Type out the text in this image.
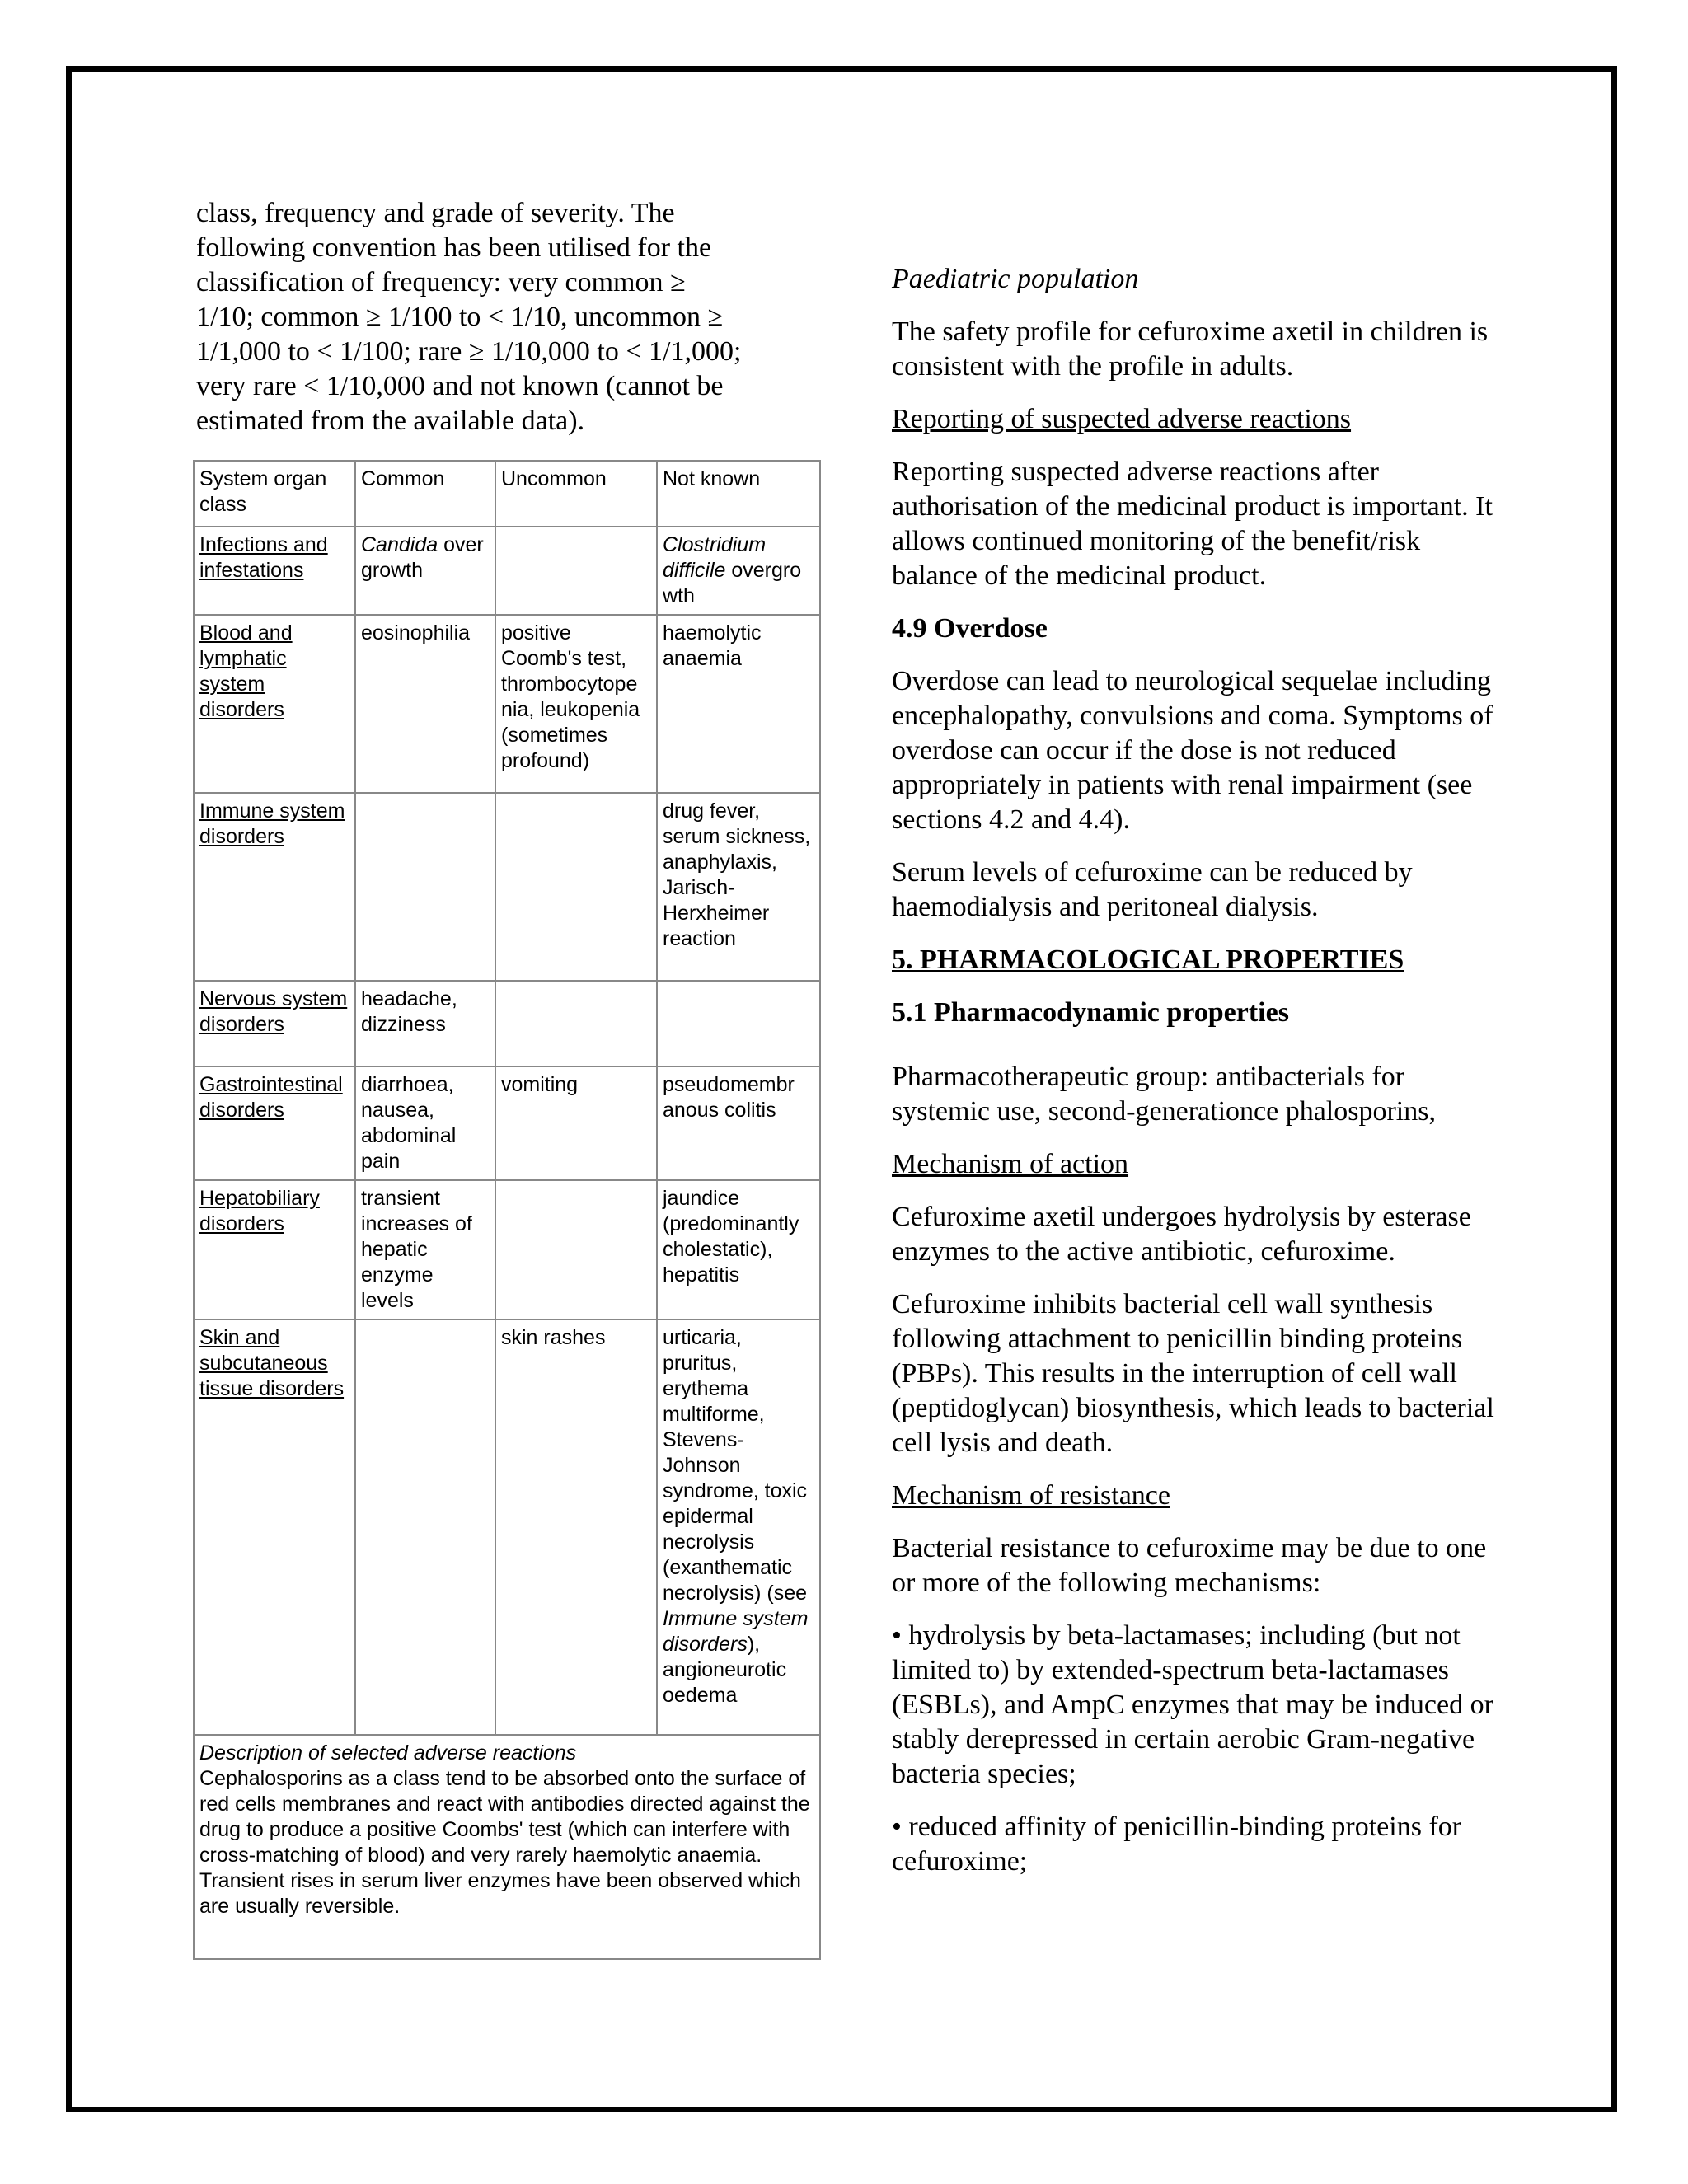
class, frequency and grade of severity. The
following convention has been utilised for the
classification of frequency: very common ≥
1/10; common ≥ 1/100 to < 1/10, uncommon ≥
1/1,000 to < 1/100; rare ≥ 1/10,000 to < 1/1,000;
very rare < 1/10,000 and not known (cannot be
estimated from the available data).

System organ class	Common	Uncommon	Not known
Infections and infestations	Candida over growth		Clostridium difficile overgro wth
Blood and lymphatic system disorders	eosinophilia	positive Coomb's test, thrombocytope nia, leukopenia (sometimes profound)	haemolytic anaemia
Immune system disorders			drug fever, serum sickness, anaphylaxis, Jarisch-Herxheimer reaction
Nervous system disorders	headache, dizziness		
Gastrointestinal disorders	diarrhoea, nausea, abdominal pain	vomiting	pseudomembr anous colitis
Hepatobiliary disorders	transient increases of hepatic enzyme levels		jaundice (predominantly cholestatic), hepatitis
Skin and subcutaneous tissue disorders		skin rashes	urticaria, pruritus, erythema multiforme, Stevens-Johnson syndrome, toxic epidermal necrolysis (exanthematic necrolysis) (see Immune system disorders), angioneurotic oedema

Description of selected adverse reactions
Cephalosporins as a class tend to be absorbed onto the surface of red cells membranes and react with antibodies directed against the drug to produce a positive Coombs' test (which can interfere with cross-matching of blood) and very rarely haemolytic anaemia.
Transient rises in serum liver enzymes have been observed which are usually reversible.			

Paediatric population

The safety profile for cefuroxime axetil in children is consistent with the profile in adults.

Reporting of suspected adverse reactions

Reporting suspected adverse reactions after authorisation of the medicinal product is important. It allows continued monitoring of the benefit/risk balance of the medicinal product.

4.9 Overdose

Overdose can lead to neurological sequelae including encephalopathy, convulsions and coma. Symptoms of overdose can occur if the dose is not reduced appropriately in patients with renal impairment (see sections 4.2 and 4.4).

Serum levels of cefuroxime can be reduced by haemodialysis and peritoneal dialysis.

5. PHARMACOLOGICAL PROPERTIES

5.1 Pharmacodynamic properties

Pharmacotherapeutic group: antibacterials for systemic use, second-generationce phalosporins,

Mechanism of action

Cefuroxime axetil undergoes hydrolysis by esterase enzymes to the active antibiotic, cefuroxime.

Cefuroxime inhibits bacterial cell wall synthesis following attachment to penicillin binding proteins (PBPs). This results in the interruption of cell wall (peptidoglycan) biosynthesis, which leads to bacterial cell lysis and death.

Mechanism of resistance

Bacterial resistance to cefuroxime may be due to one or more of the following mechanisms:

• hydrolysis by beta-lactamases; including (but not limited to) by extended-spectrum beta-lactamases (ESBLs), and AmpC enzymes that may be induced or stably derepressed in certain aerobic Gram-negative bacteria species;

• reduced affinity of penicillin-binding proteins for cefuroxime;
